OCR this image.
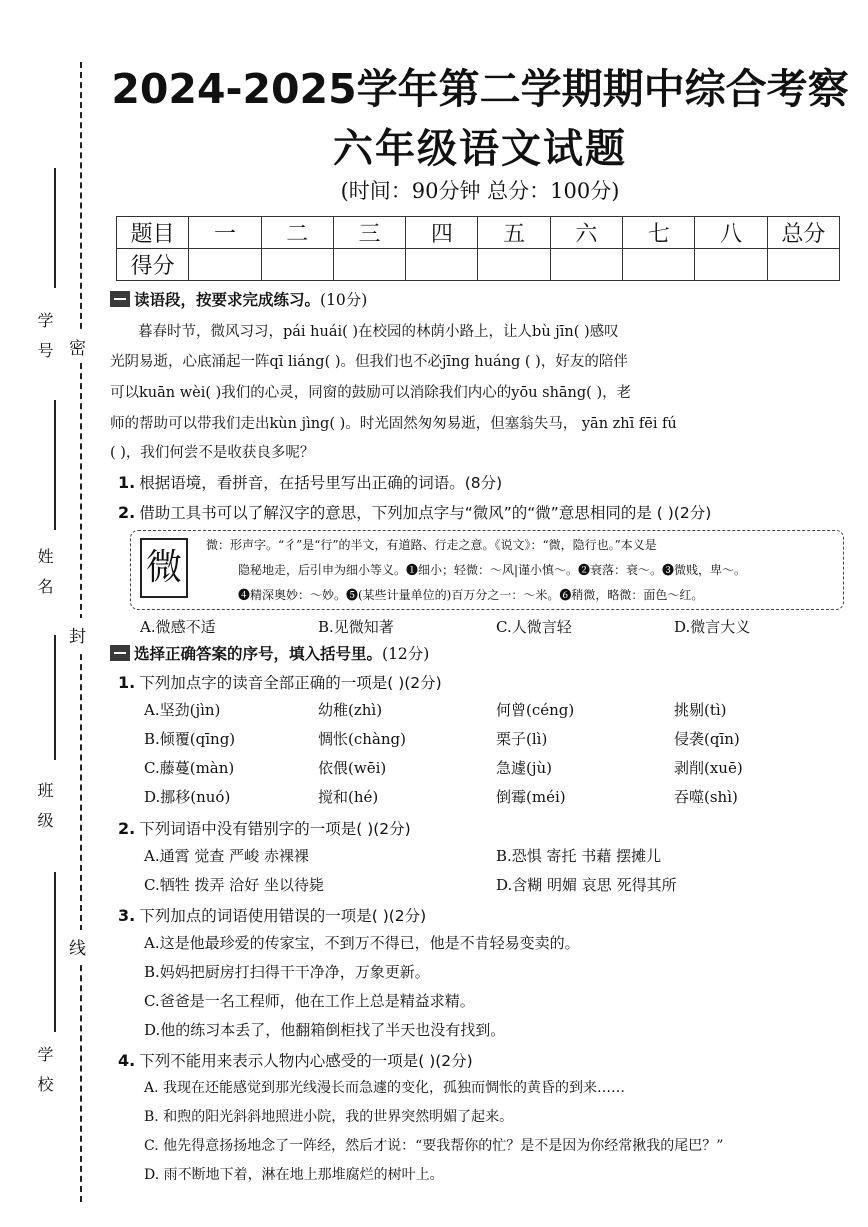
学号
姓名
班级
学校
密
封
线
2024-2025学年第二学期期中综合考察
六年级语文试题
(时间：90分钟 总分：100分)
题目	一	二	三	四	五	六	七	八	总分
得分									
读语段，按要求完成练习。(10分)
暮春时节，微风习习，pái huái( )在校园的林荫小路上，让人bù jīn( )感叹
光阴易逝，心底涌起一阵qī liáng( )。但我们也不必jīng huáng ( )，好友的陪伴
可以kuān wèi( )我们的心灵，同窗的鼓励可以消除我们内心的yōu shāng( )，老
师的帮助可以带我们走出kùn jìng( )。时光固然匆匆易逝，但塞翁失马， yān zhī fēi fú
( )，我们何尝不是收获良多呢？
1. 根据语境，看拼音，在括号里写出正确的词语。(8分)
2. 借助工具书可以了解汉字的意思，下列加点字与“微风”的“微”意思相同的是 ( )(2分)
微
微：形声字。“彳”是“行”的半文，有道路、行走之意。《说文》：“微，隐行也。”本义是
隐秘地走，后引申为细小等义。❶细小；轻微：～风|谨小慎～。❷衰落：衰～。❸微贱，卑～。
❹精深奥妙：～妙。❺(某些计量单位的)百万分之一：～米。❻稍微，略微：面色～红。
A.微感不适	B.见微知著	C.人微言轻	D.微言大义
选择正确答案的序号，填入括号里。(12分)
1. 下列加点字的读音全部正确的一项是( )(2分)
A.坚劲(jìn)	幼稚(zhì)	何曾(céng)	挑剔(tì)
B.倾覆(qīng)	惆怅(chàng)	栗子(lì)	侵袭(qīn)
C.藤蔓(màn)	依偎(wēi)	急遽(jù)	剥削(xuē)
D.挪移(nuó)	搅和(hé)	倒霉(méi)	吞噬(shì)
2. 下列词语中没有错别字的一项是( )(2分)
A.通霄 觉查 严峻 赤裸裸	B.恐惧 寄托 书藉 摆摊儿
C.牺牲 拨弄 洽好 坐以待毙	D.含糊 明媚 哀思 死得其所
3. 下列加点的词语使用错误的一项是( )(2分)
A.这是他最珍爱的传家宝，不到万不得已，他是不肯轻易变卖的。
B.妈妈把厨房打扫得干干净净，万象更新。
C.爸爸是一名工程师，他在工作上总是精益求精。
D.他的练习本丢了，他翻箱倒柜找了半天也没有找到。
4. 下列不能用来表示人物内心感受的一项是( )(2分)
A. 我现在还能感觉到那光线漫长而急遽的变化，孤独而惆怅的黄昏的到来……
B. 和煦的阳光斜斜地照进小院，我的世界突然明媚了起来。
C. 他先得意扬扬地念了一阵经，然后才说：“要我帮你的忙？是不是因为你经常揪我的尾巴？”
D. 雨不断地下着，淋在地上那堆腐烂的树叶上。
